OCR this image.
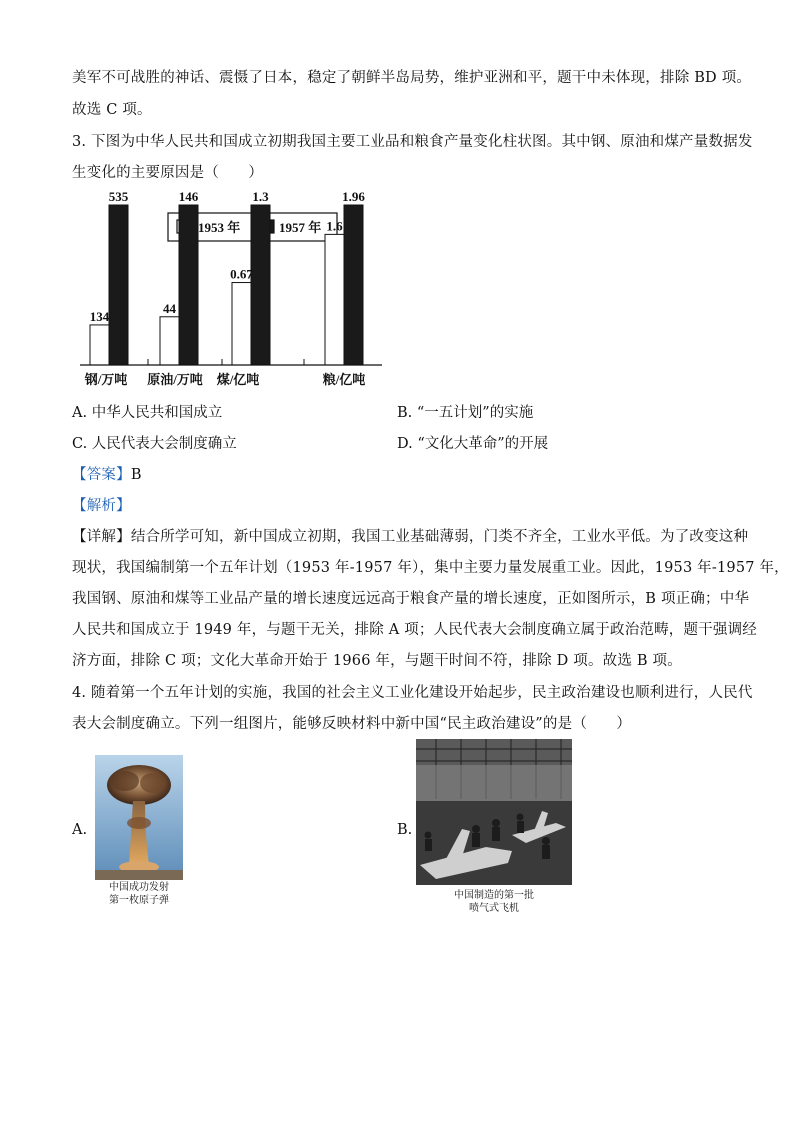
美军不可战胜的神话、震慑了日本，稳定了朝鲜半岛局势，维护亚洲和平，题干中未体现，排除 BD 项。
故选 C 项。
3. 下图为中华人民共和国成立初期我国主要工业品和粮食产量变化柱状图。其中钢、原油和煤产量数据发
生变化的主要原因是（　　）
1953 年	1957 年
134
535
44
146
0.67
1.3
1.6
1.96
钢/万吨 原油/万吨 煤/亿吨	粮/亿吨
A. 中华人民共和国成立	B. “一五计划”的实施
C. 人民代表大会制度确立	D. “文化大革命”的开展
【答案】B
【解析】
【详解】结合所学可知，新中国成立初期，我国工业基础薄弱，门类不齐全，工业水平低。为了改变这种
现状，我国编制第一个五年计划（1953 年-1957 年），集中主要力量发展重工业。因此，1953 年-1957 年，
我国钢、原油和煤等工业品产量的增长速度远远高于粮食产量的增长速度，正如图所示，B 项正确；中华
人民共和国成立于 1949 年，与题干无关，排除 A 项；人民代表大会制度确立属于政治范畴，题干强调经
济方面，排除 C 项；文化大革命开始于 1966 年，与题干时间不符，排除 D 项。故选 B 项。
4. 随着第一个五年计划的实施，我国的社会主义工业化建设开始起步，民主政治建设也顺利进行，人民代
表大会制度确立。下列一组图片，能够反映材料中新中国“民主政治建设”的是（　　）
A.
中国成功发射
第一枚原子弹
B.
中国制造的第一批
喷气式飞机
